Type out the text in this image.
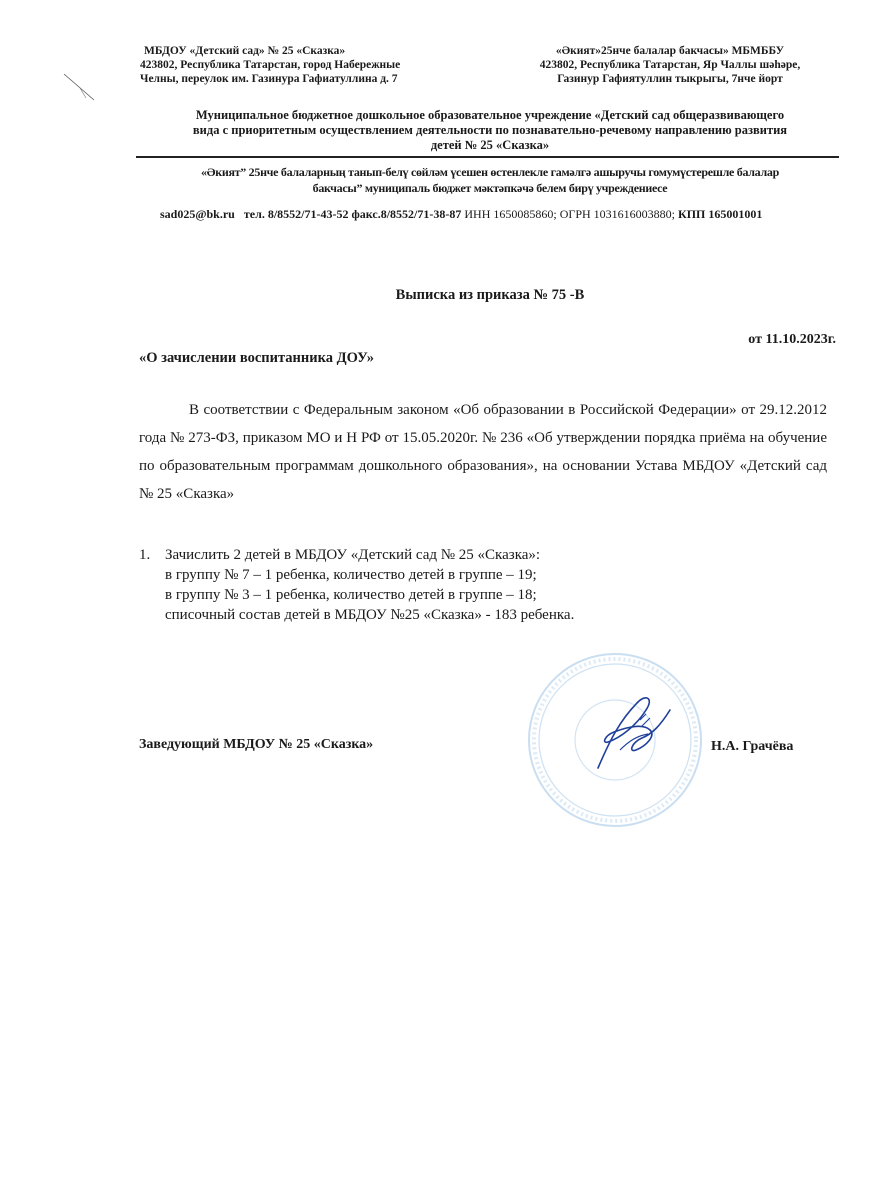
МБДОУ «Детский сад» № 25 «Сказка»
423802, Республика Татарстан, город Набережные
Челны, переулок им. Газинура Гафиатуллина д. 7
«Әкият»25нче балалар бакчасы» МБМББУ
423802, Республика Татарстан, Яр Чаллы шәһәре,
Газинур Гафиятуллин тыкрыгы, 7нче йорт
Муниципальное бюджетное дошкольное образовательное учреждение «Детский сад общеразвивающего
вида с приоритетным осуществлением деятельности по познавательно-речевому направлению развития
детей № 25 «Сказка»
«Әкият” 25нче балаларның танып-белү сөйләм үсешен өстенлекле гамәлгә ашыручы гомумүстерешле балалар
бакчасы” муниципаль бюджет мәктәпкәчә белем бирү учреждениесе
sad025@bk.ru тел. 8/8552/71-43-52 факс.8/8552/71-38-87 ИНН 1650085860; ОГРН 1031616003880; КПП 165001001
Выписка из приказа № 75 -В
от 11.10.2023г.
«О зачислении воспитанника ДОУ»

В соответствии с Федеральным законом «Об образовании в Российской Федерации» от 29.12.2012 года № 273-ФЗ, приказом МО и Н РФ от 15.05.2020г. № 236 «Об утверждении порядка приёма на обучение по образовательным программам дошкольного образования», на основании Устава МБДОУ «Детский сад № 25 «Сказка»

1. Зачислить 2 детей в МБДОУ «Детский сад № 25 «Сказка»:
в группу № 7 – 1 ребенка, количество детей в группе – 19;
в группу № 3 – 1 ребенка, количество детей в группе – 18;
списочный состав детей в МБДОУ №25 «Сказка» - 183 ребенка.
Заведующий МБДОУ № 25 «Сказка»	Н.А. Грачёва
